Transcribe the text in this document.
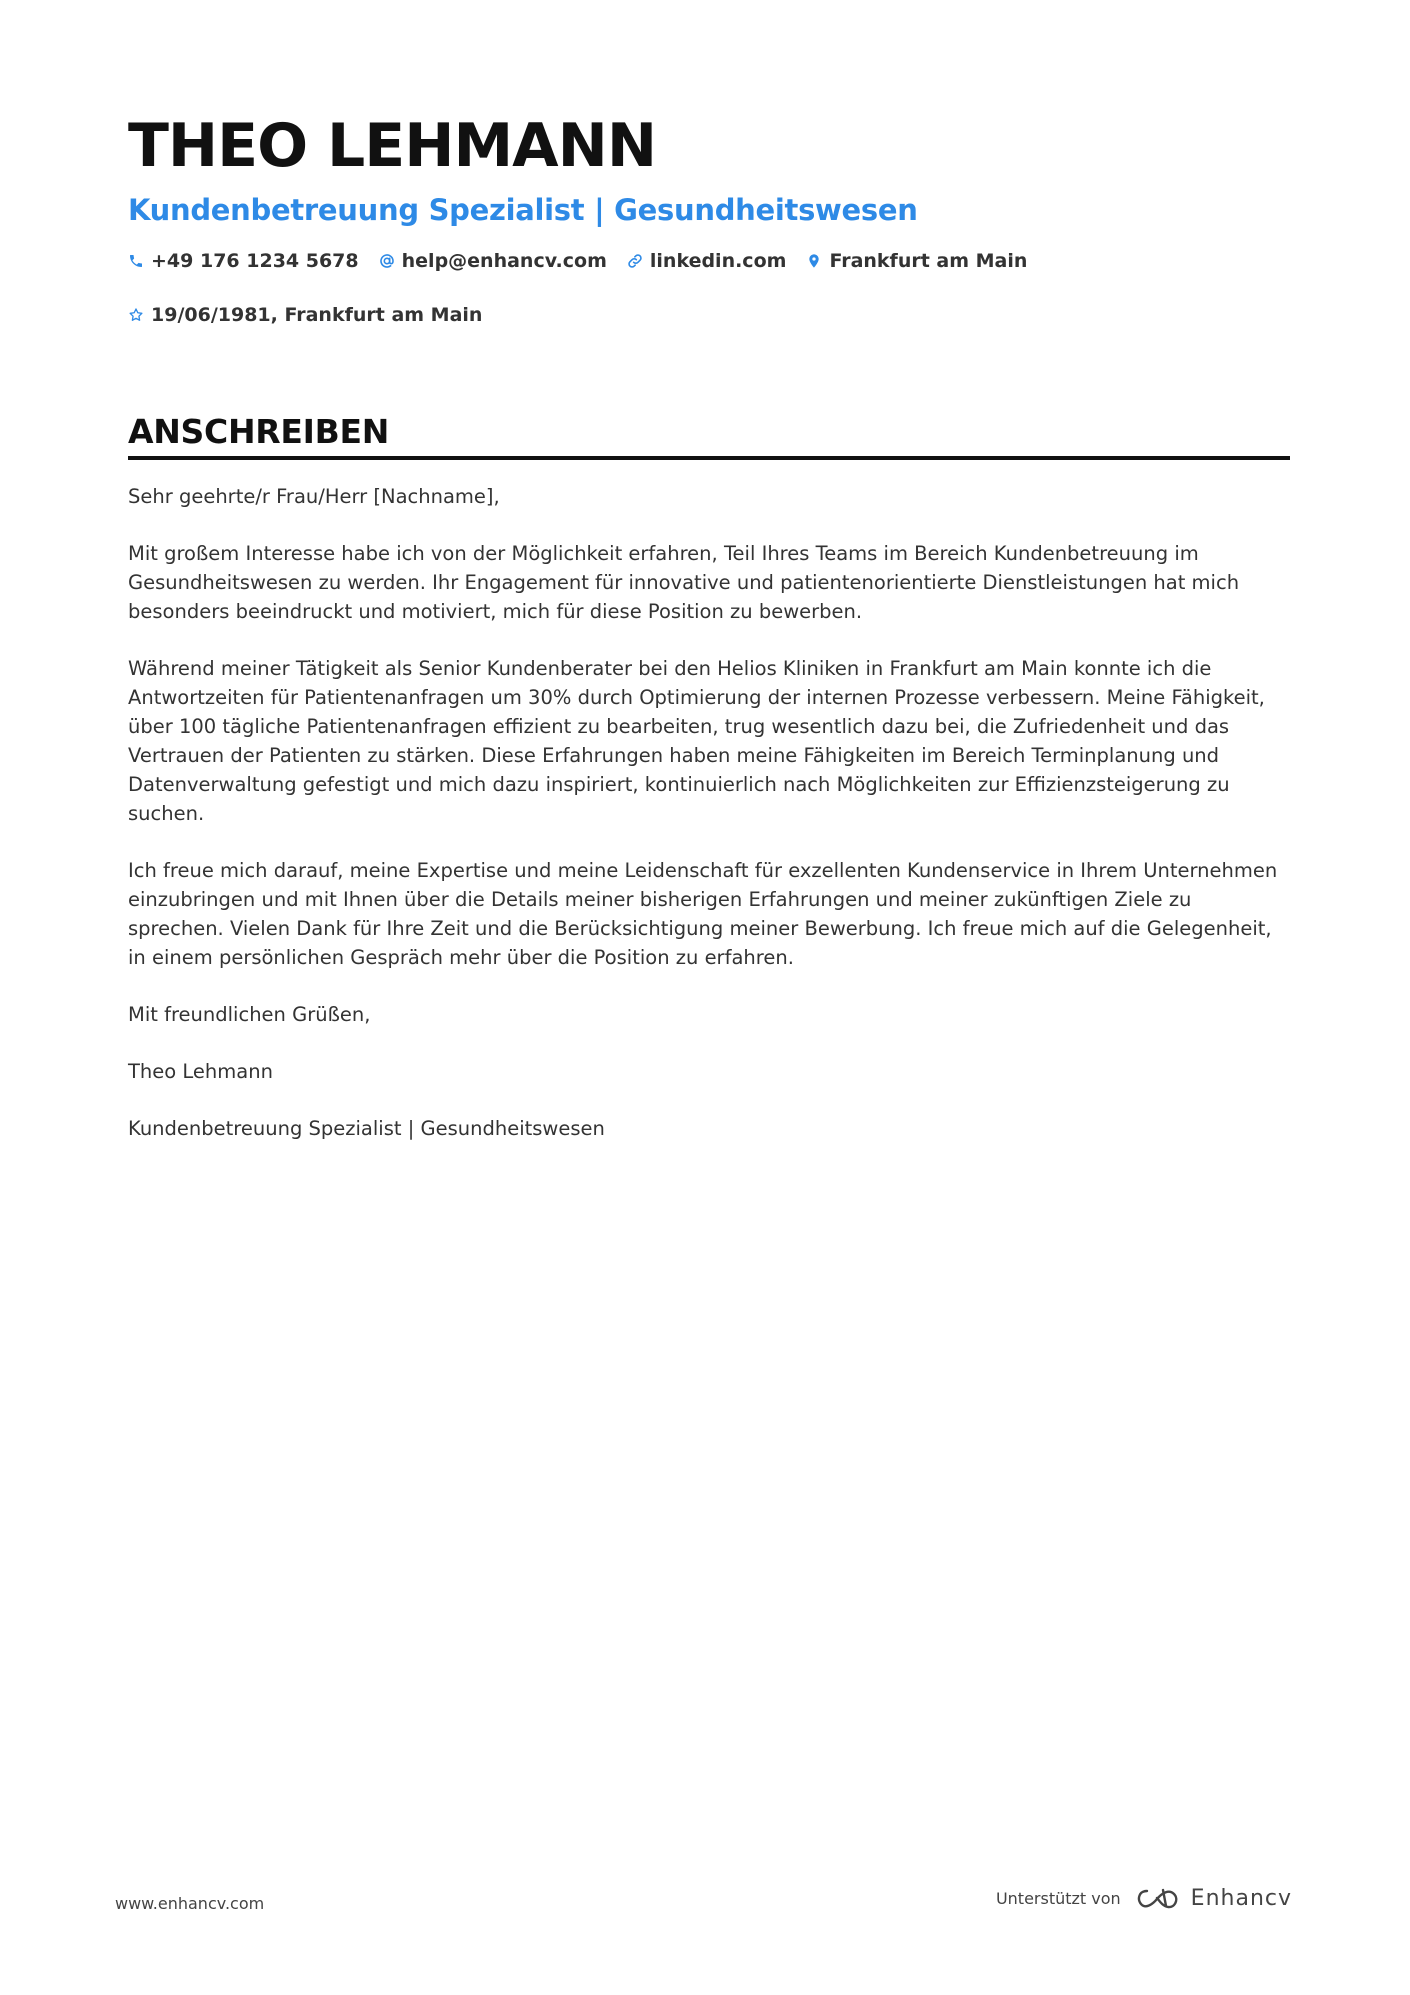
THEO LEHMANN
Kundenbetreuung Spezialist | Gesundheitswesen
+49 176 1234 5678 help@enhancv.com linkedin.com Frankfurt am Main
19/06/1981, Frankfurt am Main
ANSCHREIBEN

Sehr geehrte/r Frau/Herr [Nachname],

Mit großem Interesse habe ich von der Möglichkeit erfahren, Teil Ihres Teams im Bereich Kundenbetreuung im Gesundheitswesen zu werden. Ihr Engagement für innovative und patientenorientierte Dienstleistungen hat mich besonders beeindruckt und motiviert, mich für diese Position zu bewerben.

Während meiner Tätigkeit als Senior Kundenberater bei den Helios Kliniken in Frankfurt am Main konnte ich die Antwortzeiten für Patientenanfragen um 30% durch Optimierung der internen Prozesse verbessern. Meine Fähigkeit, über 100 tägliche Patientenanfragen effizient zu bearbeiten, trug wesentlich dazu bei, die Zufriedenheit und das Vertrauen der Patienten zu stärken. Diese Erfahrungen haben meine Fähigkeiten im Bereich Terminplanung und Datenverwaltung gefestigt und mich dazu inspiriert, kontinuierlich nach Möglichkeiten zur Effizienzsteigerung zu suchen.

Ich freue mich darauf, meine Expertise und meine Leidenschaft für exzellenten Kundenservice in Ihrem Unternehmen einzubringen und mit Ihnen über die Details meiner bisherigen Erfahrungen und meiner zukünftigen Ziele zu sprechen. Vielen Dank für Ihre Zeit und die Berücksichtigung meiner Bewerbung. Ich freue mich auf die Gelegenheit, in einem persönlichen Gespräch mehr über die Position zu erfahren.

Mit freundlichen Grüßen,

Theo Lehmann

Kundenbetreuung Spezialist | Gesundheitswesen

www.enhancv.com	Unterstützt von	Enhancv
